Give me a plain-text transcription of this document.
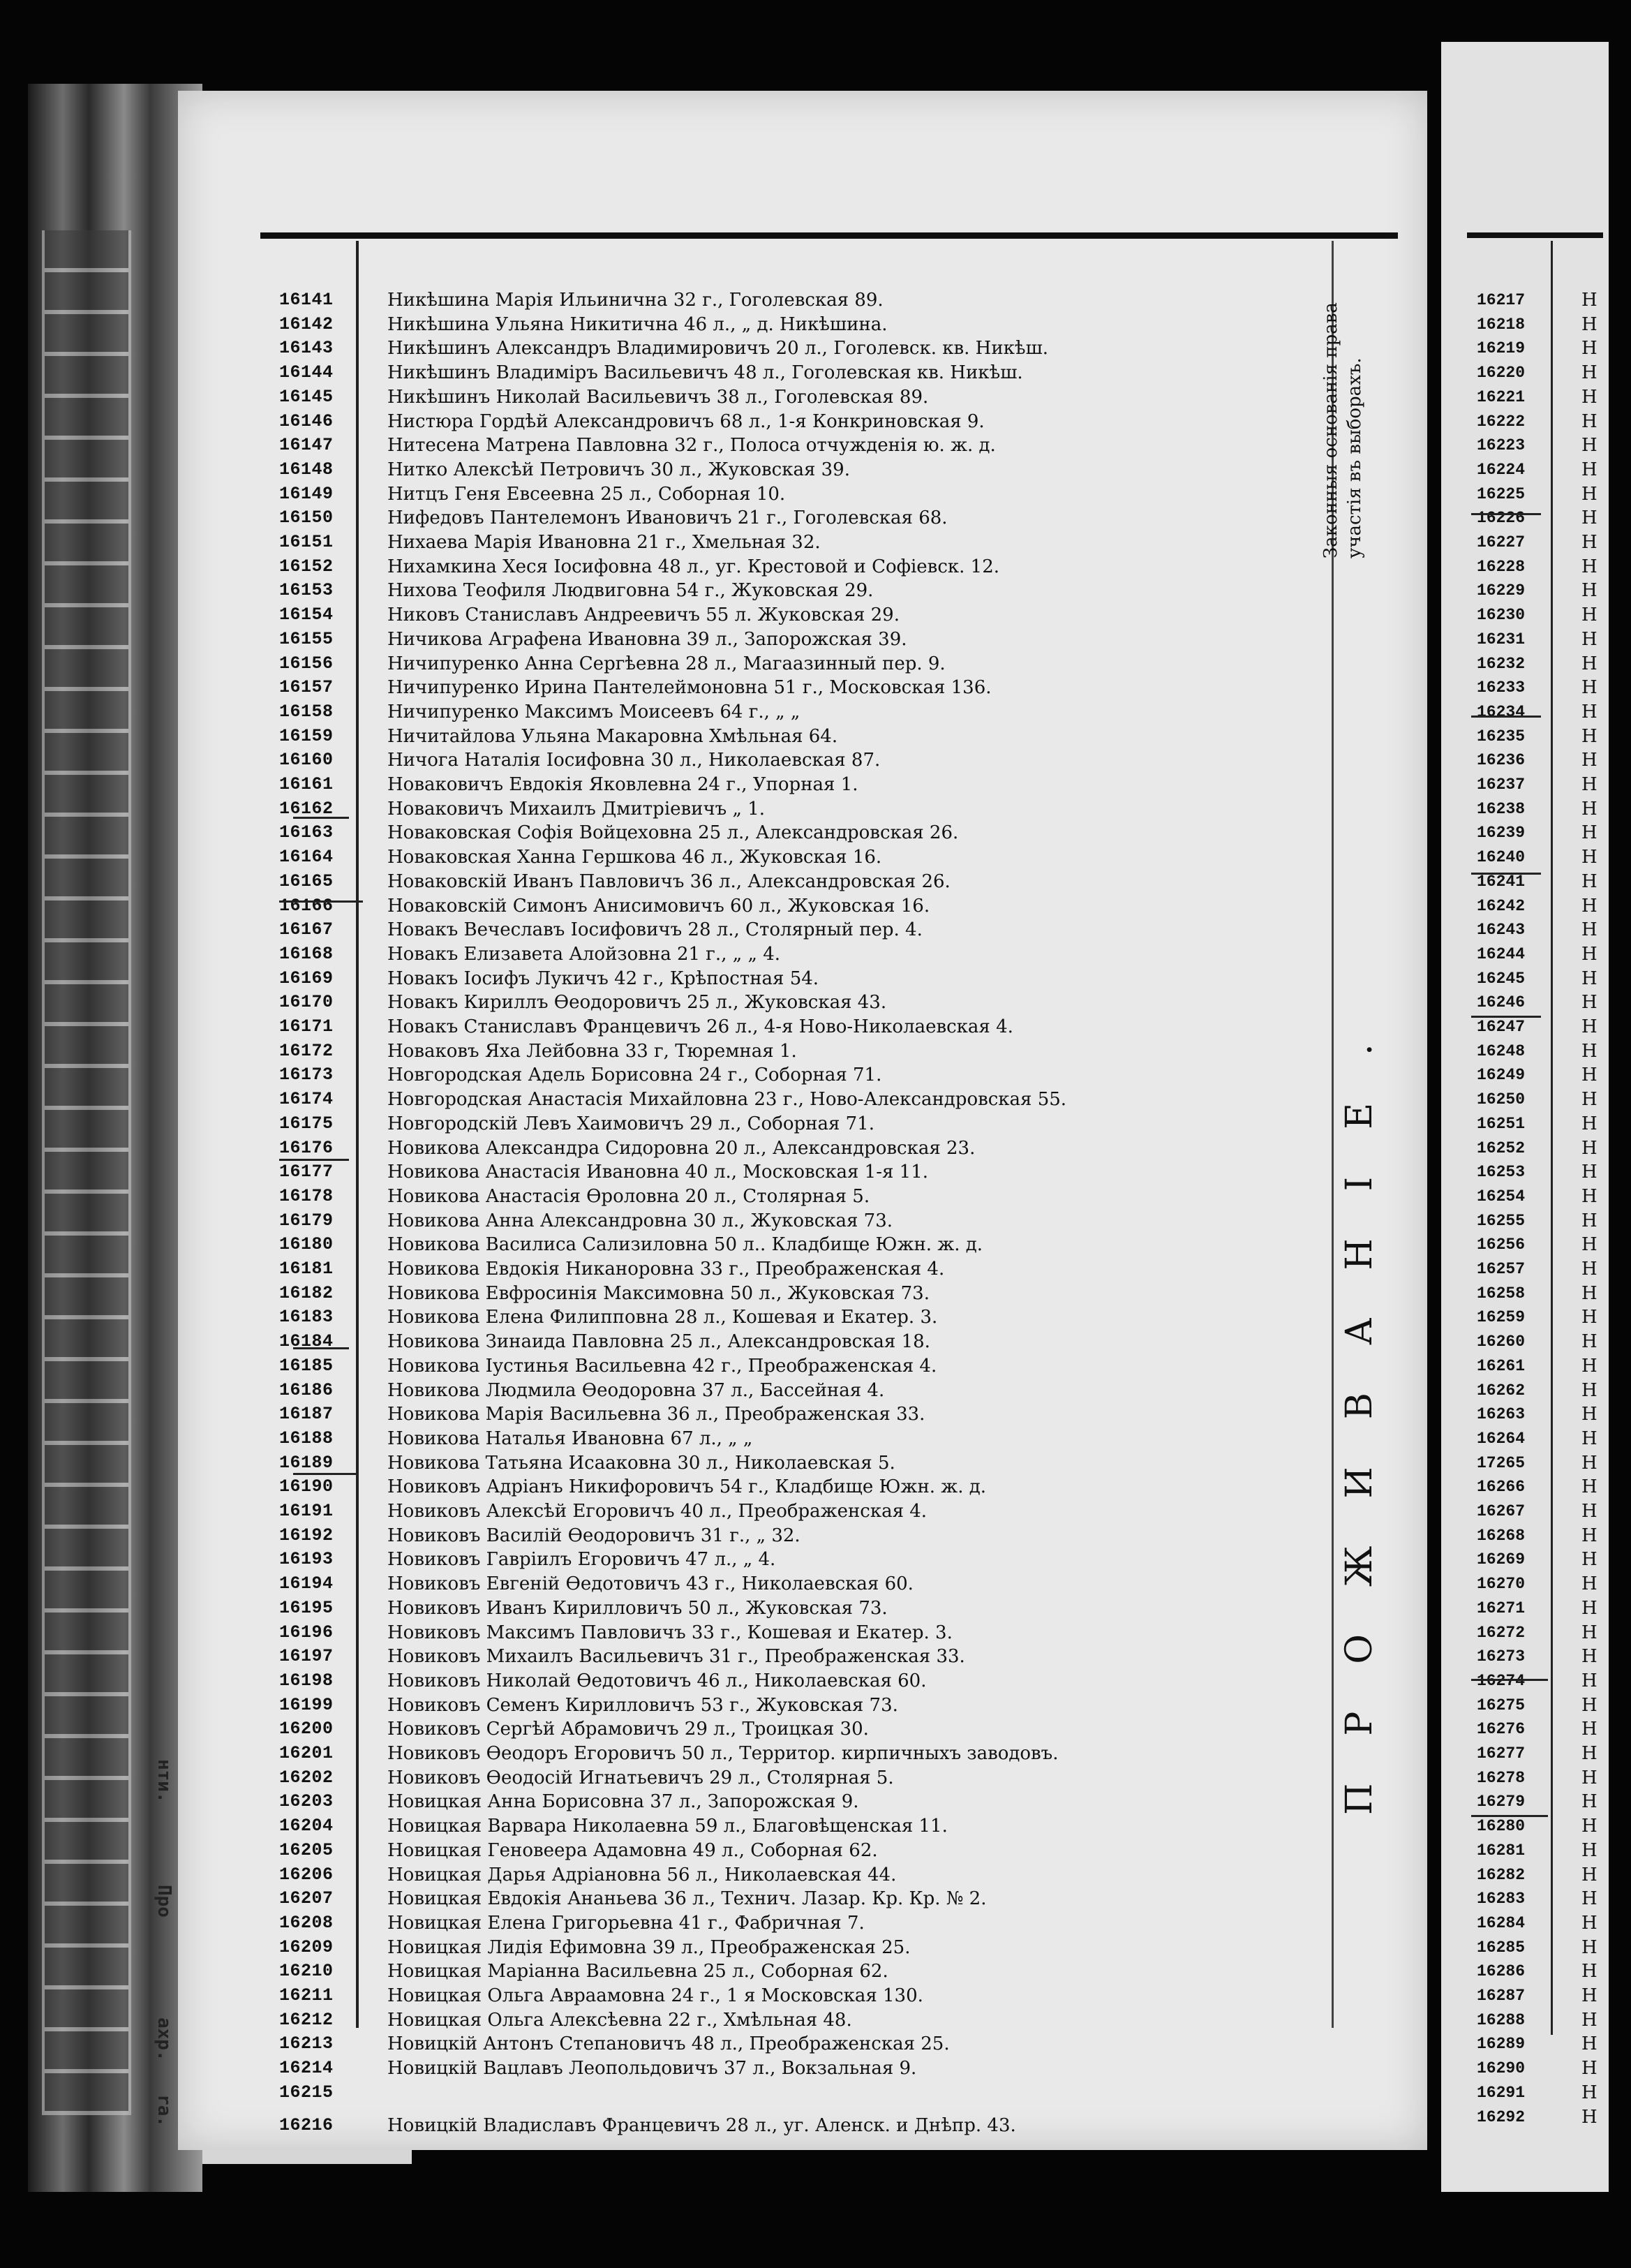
нти.
Про
ахр.
ra.
16141	Никѣшина Марія Ильинична 32 г., Гоголевская 89.
16142	Никѣшина Ульяна Никитична 46 л., „ д. Никѣшина.
16143	Никѣшинъ Александръ Владимировичъ 20 л., Гоголевск. кв. Никѣш.
16144	Никѣшинъ Владиміръ Васильевичъ 48 л., Гоголевская кв. Никѣш.
16145	Никѣшинъ Николай Васильевичъ 38 л., Гоголевская 89.
16146	Нистюра Гордѣй Александровичъ 68 л., 1-я Конкриновская 9.
16147	Нитесена Матрена Павловна 32 г., Полоса отчужденія ю. ж. д.
16148	Нитко Алексѣй Петровичъ 30 л., Жуковская 39.
16149	Нитцъ Геня Евсеевна 25 л., Соборная 10.
16150	Нифедовъ Пантелемонъ Ивановичъ 21 г., Гоголевская 68.
16151	Нихаева Марія Ивановна 21 г., Хмельная 32.
16152	Нихамкина Хеся Іосифовна 48 л., уг. Крестовой и Софіевск. 12.
16153	Нихова Теофиля Людвиговна 54 г., Жуковская 29.
16154	Никовъ Станиславъ Андреевичъ 55 л. Жуковская 29.
16155	Ничикова Аграфена Ивановна 39 л., Запорожская 39.
16156	Ничипуренко Анна Сергѣевна 28 л., Магаазинный пер. 9.
16157	Ничипуренко Ирина Пантелеймоновна 51 г., Московская 136.
16158	Ничипуренко Максимъ Моисеевъ 64 г., „ „
16159	Ничитайлова Ульяна Макаровна Хмѣльная 64.
16160	Ничога Наталія Іосифовна 30 л., Николаевская 87.
16161	Новаковичъ Евдокія Яковлевна 24 г., Упорная 1.
16162	Новаковичъ Михаилъ Дмитріевичъ „ 1.
16163	Новаковская Софія Войцеховна 25 л., Александровская 26.
16164	Новаковская Ханна Гершкова 46 л., Жуковская 16.
16165	Новаковскій Иванъ Павловичъ 36 л., Александровская 26.
16166	Новаковскій Симонъ Анисимовичъ 60 л., Жуковская 16.
16167	Новакъ Вечеславъ Іосифовичъ 28 л., Столярный пер. 4.
16168	Новакъ Елизавета Алойзовна 21 г., „ „ 4.
16169	Новакъ Іосифъ Лукичъ 42 г., Крѣпостная 54.
16170	Новакъ Кириллъ Ѳеодоровичъ 25 л., Жуковская 43.
16171	Новакъ Станиславъ Францевичъ 26 л., 4-я Ново-Николаевская 4.
16172	Новаковъ Яха Лейбовна 33 г, Тюремная 1.
16173	Новгородская Адель Борисовна 24 г., Соборная 71.
16174	Новгородская Анастасія Михайловна 23 г., Ново-Александровская 55.
16175	Новгородскій Левъ Хаимовичъ 29 л., Соборная 71.
16176	Новикова Александра Сидоровна 20 л., Александровская 23.
16177	Новикова Анастасія Ивановна 40 л., Московская 1-я 11.
16178	Новикова Анастасія Ѳроловна 20 л., Столярная 5.
16179	Новикова Анна Александровна 30 л., Жуковская 73.
16180	Новикова Василиса Сализиловна 50 л.. Кладбище Южн. ж. д.
16181	Новикова Евдокія Никаноровна 33 г., Преображенская 4.
16182	Новикова Евфросинія Максимовна 50 л., Жуковская 73.
16183	Новикова Елена Филипповна 28 л., Кошевая и Екатер. 3.
16184	Новикова Зинаида Павловна 25 л., Александровская 18.
16185	Новикова Іустинья Васильевна 42 г., Преображенская 4.
16186	Новикова Людмила Ѳеодоровна 37 л., Бассейная 4.
16187	Новикова Марія Васильевна 36 л., Преображенская 33.
16188	Новикова Наталья Ивановна 67 л., „ „
16189	Новикова Татьяна Исааковна 30 л., Николаевская 5.
16190	Новиковъ Адріанъ Никифоровичъ 54 г., Кладбище Южн. ж. д.
16191	Новиковъ Алексѣй Егоровичъ 40 л., Преображенская 4.
16192	Новиковъ Василій Ѳеодоровичъ 31 г., „ 32.
16193	Новиковъ Гавріилъ Егоровичъ 47 л., „ 4.
16194	Новиковъ Евгеній Ѳедотовичъ 43 г., Николаевская 60.
16195	Новиковъ Иванъ Кирилловичъ 50 л., Жуковская 73.
16196	Новиковъ Максимъ Павловичъ 33 г., Кошевая и Екатер. 3.
16197	Новиковъ Михаилъ Васильевичъ 31 г., Преображенская 33.
16198	Новиковъ Николай Ѳедотовичъ 46 л., Николаевская 60.
16199	Новиковъ Семенъ Кирилловичъ 53 г., Жуковская 73.
16200	Новиковъ Сергѣй Абрамовичъ 29 л., Троицкая 30.
16201	Новиковъ Ѳеодоръ Егоровичъ 50 л., Территор. кирпичныхъ заводовъ.
16202	Новиковъ Ѳеодосій Игнатьевичъ 29 л., Столярная 5.
16203	Новицкая Анна Борисовна 37 л., Запорожская 9.
16204	Новицкая Варвара Николаевна 59 л., Благовѣщенская 11.
16205	Новицкая Геновеера Адамовна 49 л., Соборная 62.
16206	Новицкая Дарья Адріановна 56 л., Николаевская 44.
16207	Новицкая Евдокія Ананьева 36 л., Технич. Лазар. Кр. Кр. № 2.
16208	Новицкая Елена Григорьевна 41 г., Фабричная 7.
16209	Новицкая Лидія Ефимовна 39 л., Преображенская 25.
16210	Новицкая Маріанна Васильевна 25 л., Соборная 62.
16211	Новицкая Ольга Авраамовна 24 г., 1 я Московская 130.
16212	Новицкая Ольга Алексѣевна 22 г., Хмѣльная 48.
16213	Новицкій Антонъ Степановичъ 48 л., Преображенская 25.
16214	Новицкій Вацлавъ Леопольдовичъ 37 л., Вокзальная 9.
16215
16216	Новицкій Владиславъ Францевичъ 28 л., уг. Аленск. и Днѣпр. 43.
Законныя основанія права участія въ выборахъ.
ПРОЖИВАНІЕ.
16217	Н
16218	Н
16219	Н
16220	Н
16221	Н
16222	Н
16223	Н
16224	Н
16225	Н
16226	Н
16227	Н
16228	Н
16229	Н
16230	Н
16231	Н
16232	Н
16233	Н
16234	Н
16235	Н
16236	Н
16237	Н
16238	Н
16239	Н
16240	Н
16241	Н
16242	Н
16243	Н
16244	Н
16245	Н
16246	Н
16247	Н
16248	Н
16249	Н
16250	Н
16251	Н
16252	Н
16253	Н
16254	Н
16255	Н
16256	Н
16257	Н
16258	Н
16259	Н
16260	Н
16261	Н
16262	Н
16263	Н
16264	Н
17265	Н
16266	Н
16267	Н
16268	Н
16269	Н
16270	Н
16271	Н
16272	Н
16273	Н
16274	Н
16275	Н
16276	Н
16277	Н
16278	Н
16279	Н
16280	Н
16281	Н
16282	Н
16283	Н
16284	Н
16285	Н
16286	Н
16287	Н
16288	Н
16289	Н
16290	Н
16291	Н
16292	Н
